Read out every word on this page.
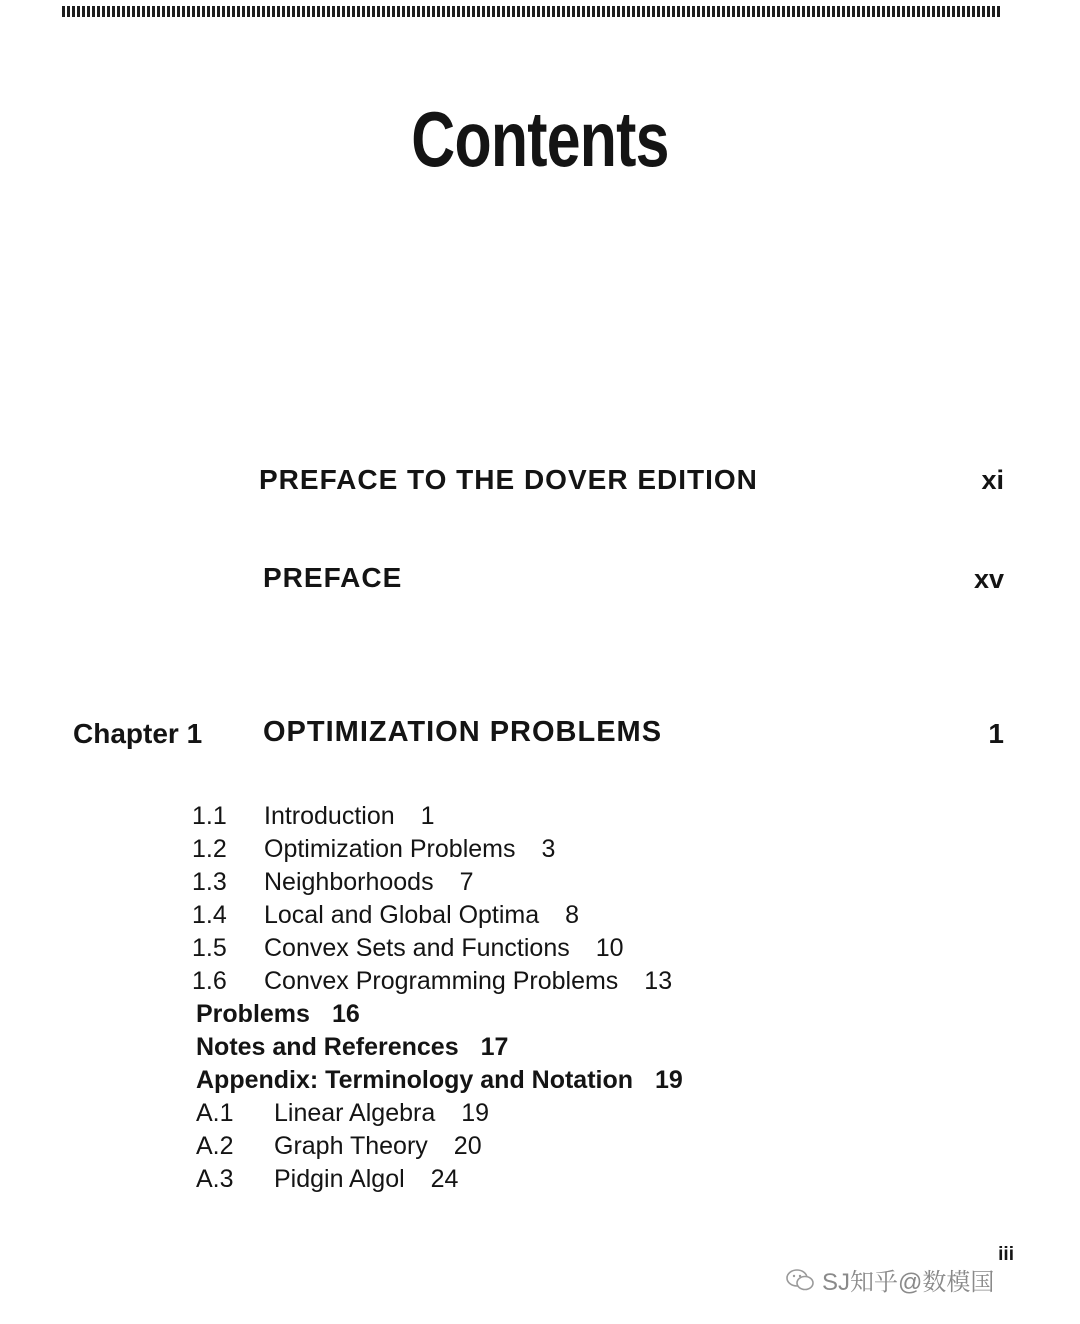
Contents
PREFACE TO THE DOVER EDITION	xi
PREFACE	xv
Chapter 1 OPTIMIZATION PROBLEMS	1
1.1 Introduction 1
1.2 Optimization Problems 3
1.3 Neighborhoods 7
1.4 Local and Global Optima 8
1.5 Convex Sets and Functions 10
1.6 Convex Programming Problems 13
Problems 16
Notes and References 17
Appendix: Terminology and Notation 19
A.1 Linear Algebra 19
A.2 Graph Theory 20
A.3 Pidgin Algol 24
iii
SJ知乎@数模国
